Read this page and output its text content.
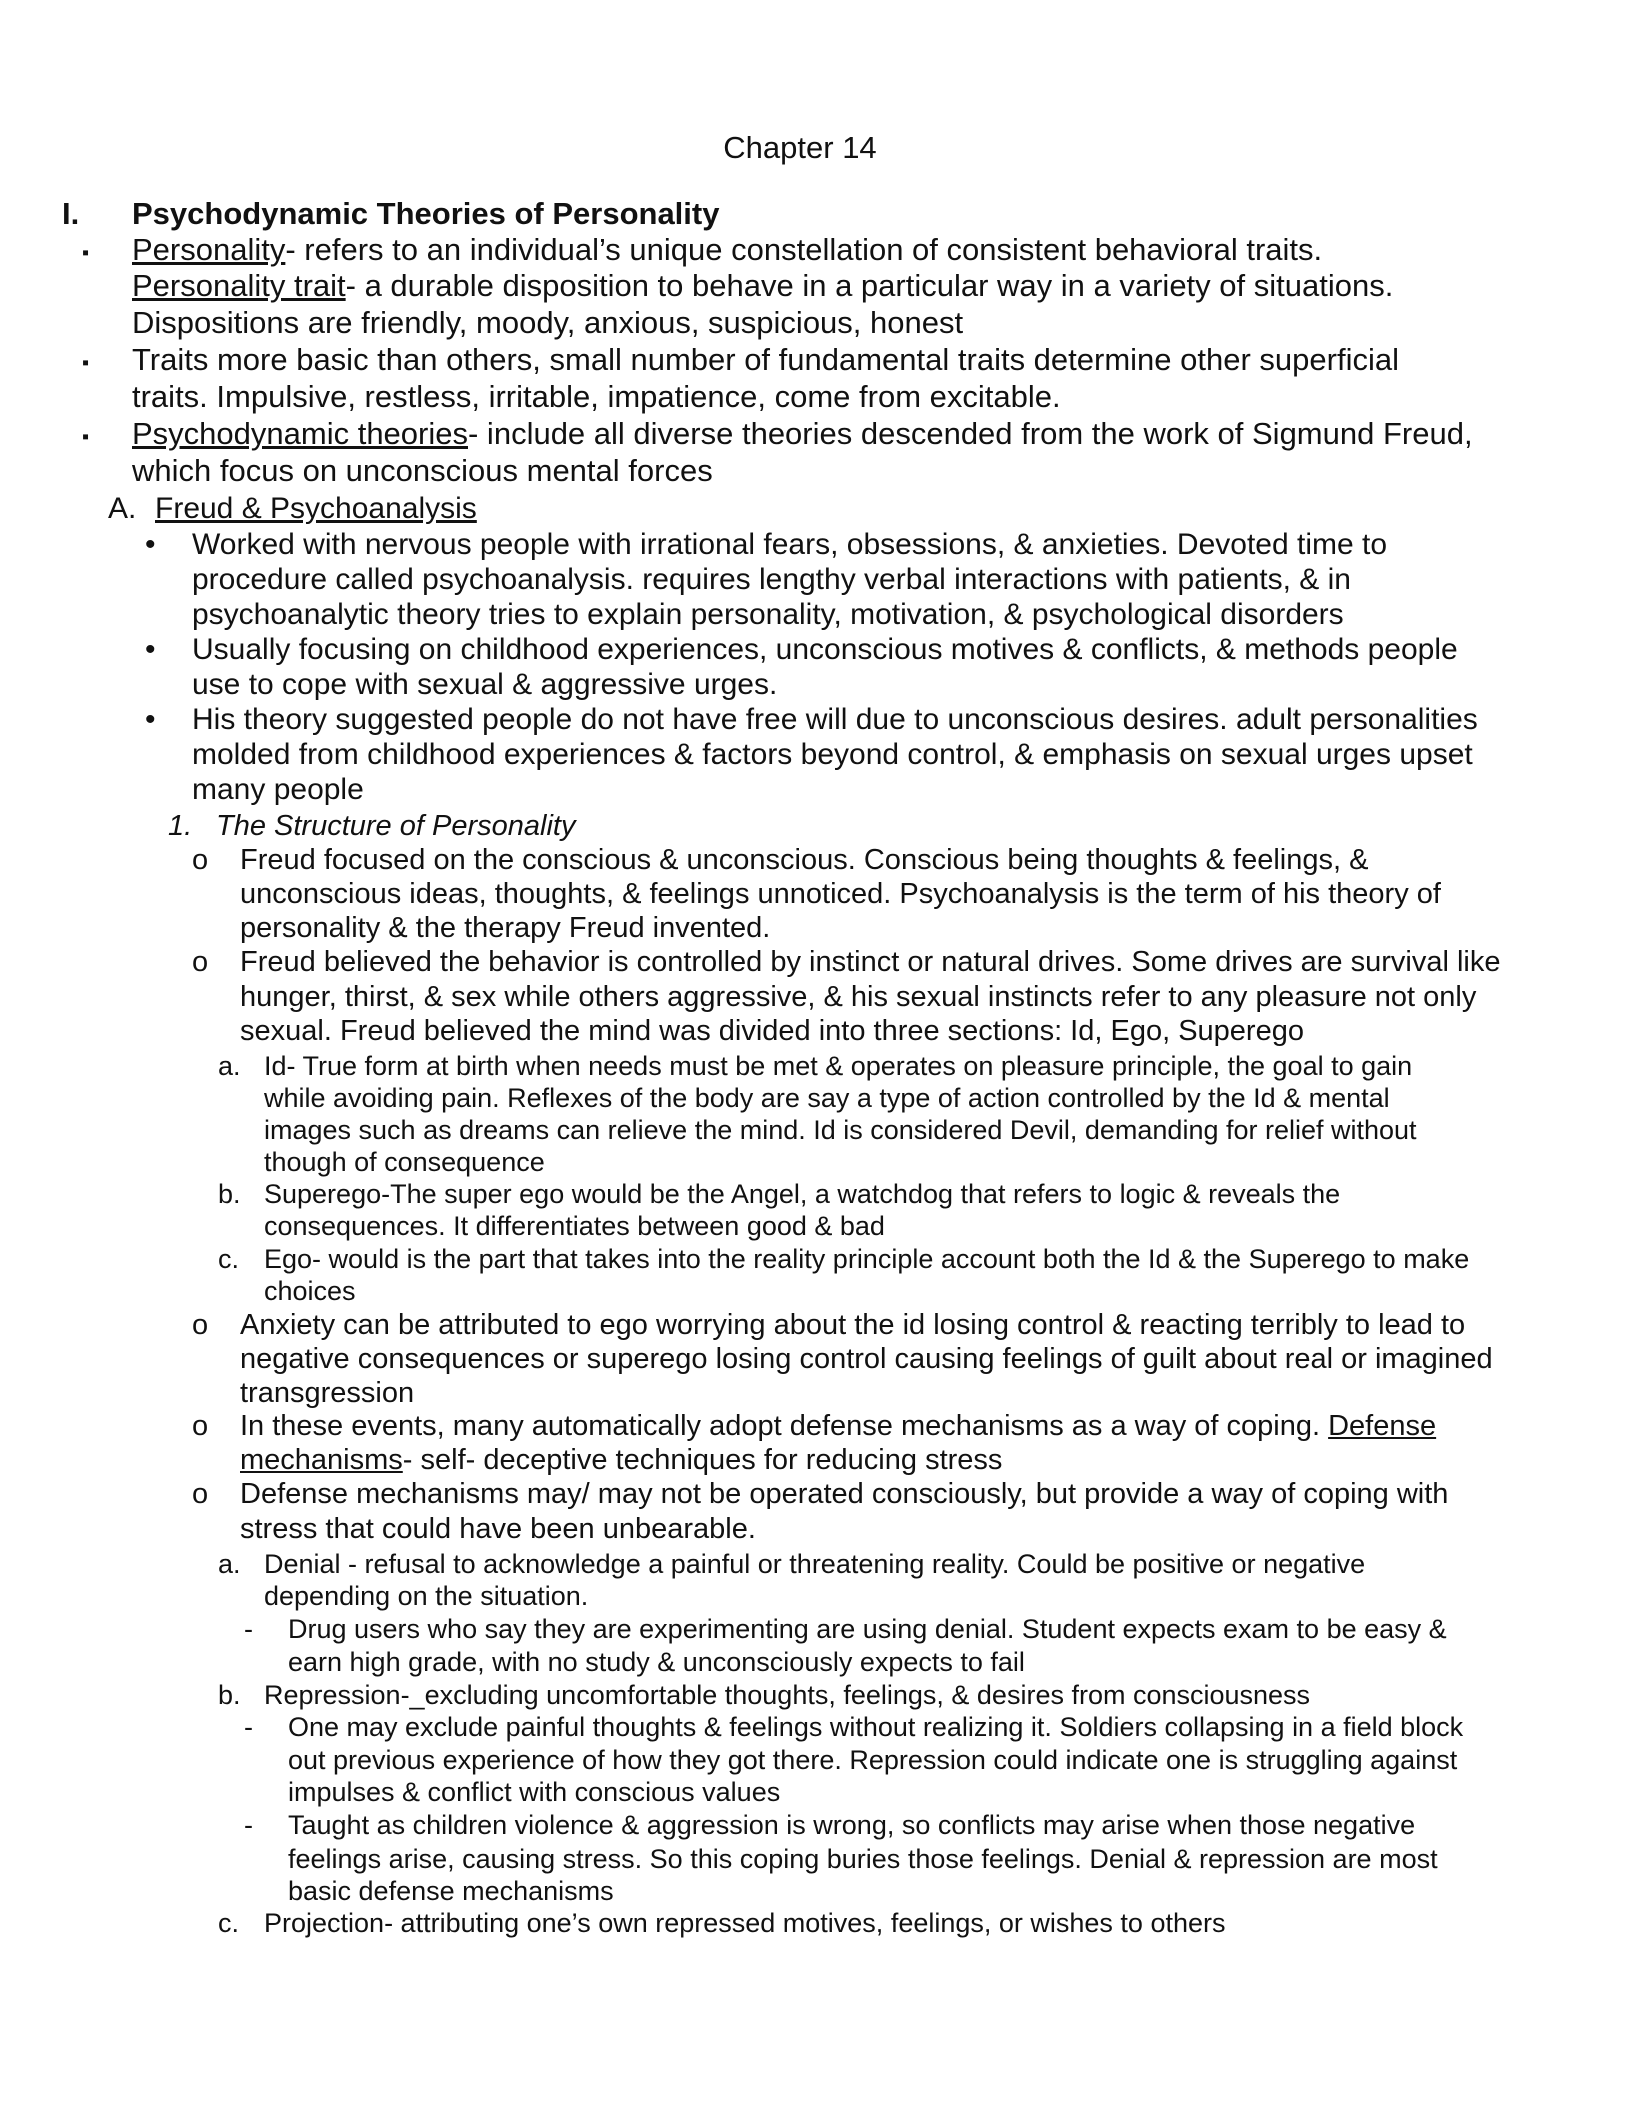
Chapter 14
I. Psychodynamic Theories of Personality
▪ Personality- refers to an individual’s unique constellation of consistent behavioral traits.
Personality trait- a durable disposition to behave in a particular way in a variety of situations.
Dispositions are friendly, moody, anxious, suspicious, honest
▪ Traits more basic than others, small number of fundamental traits determine other superficial
traits. Impulsive, restless, irritable, impatience, come from excitable.
▪ Psychodynamic theories- include all diverse theories descended from the work of Sigmund Freud,
which focus on unconscious mental forces
A. Freud & Psychoanalysis
• Worked with nervous people with irrational fears, obsessions, & anxieties. Devoted time to
procedure called psychoanalysis. requires lengthy verbal interactions with patients, & in
psychoanalytic theory tries to explain personality, motivation, & psychological disorders
• Usually focusing on childhood experiences, unconscious motives & conflicts, & methods people
use to cope with sexual & aggressive urges.
• His theory suggested people do not have free will due to unconscious desires. adult personalities
molded from childhood experiences & factors beyond control, & emphasis on sexual urges upset
many people
1. The Structure of Personality
o Freud focused on the conscious & unconscious. Conscious being thoughts & feelings, &
unconscious ideas, thoughts, & feelings unnoticed. Psychoanalysis is the term of his theory of
personality & the therapy Freud invented.
o Freud believed the behavior is controlled by instinct or natural drives. Some drives are survival like
hunger, thirst, & sex while others aggressive, & his sexual instincts refer to any pleasure not only
sexual. Freud believed the mind was divided into three sections: Id, Ego, Superego
a. Id- True form at birth when needs must be met & operates on pleasure principle, the goal to gain
while avoiding pain. Reflexes of the body are say a type of action controlled by the Id & mental
images such as dreams can relieve the mind. Id is considered Devil, demanding for relief without
though of consequence
b. Superego-The super ego would be the Angel, a watchdog that refers to logic & reveals the
consequences. It differentiates between good & bad
c. Ego- would is the part that takes into the reality principle account both the Id & the Superego to make
choices
o Anxiety can be attributed to ego worrying about the id losing control & reacting terribly to lead to
negative consequences or superego losing control causing feelings of guilt about real or imagined
transgression
o In these events, many automatically adopt defense mechanisms as a way of coping. Defense
mechanisms- self- deceptive techniques for reducing stress
o Defense mechanisms may/ may not be operated consciously, but provide a way of coping with
stress that could have been unbearable.
a. Denial - refusal to acknowledge a painful or threatening reality. Could be positive or negative
depending on the situation.
- Drug users who say they are experimenting are using denial. Student expects exam to be easy &
earn high grade, with no study & unconsciously expects to fail
b. Repression-_excluding uncomfortable thoughts, feelings, & desires from consciousness
- One may exclude painful thoughts & feelings without realizing it. Soldiers collapsing in a field block
out previous experience of how they got there. Repression could indicate one is struggling against
impulses & conflict with conscious values
- Taught as children violence & aggression is wrong, so conflicts may arise when those negative
feelings arise, causing stress. So this coping buries those feelings. Denial & repression are most
basic defense mechanisms
c. Projection- attributing one’s own repressed motives, feelings, or wishes to others
